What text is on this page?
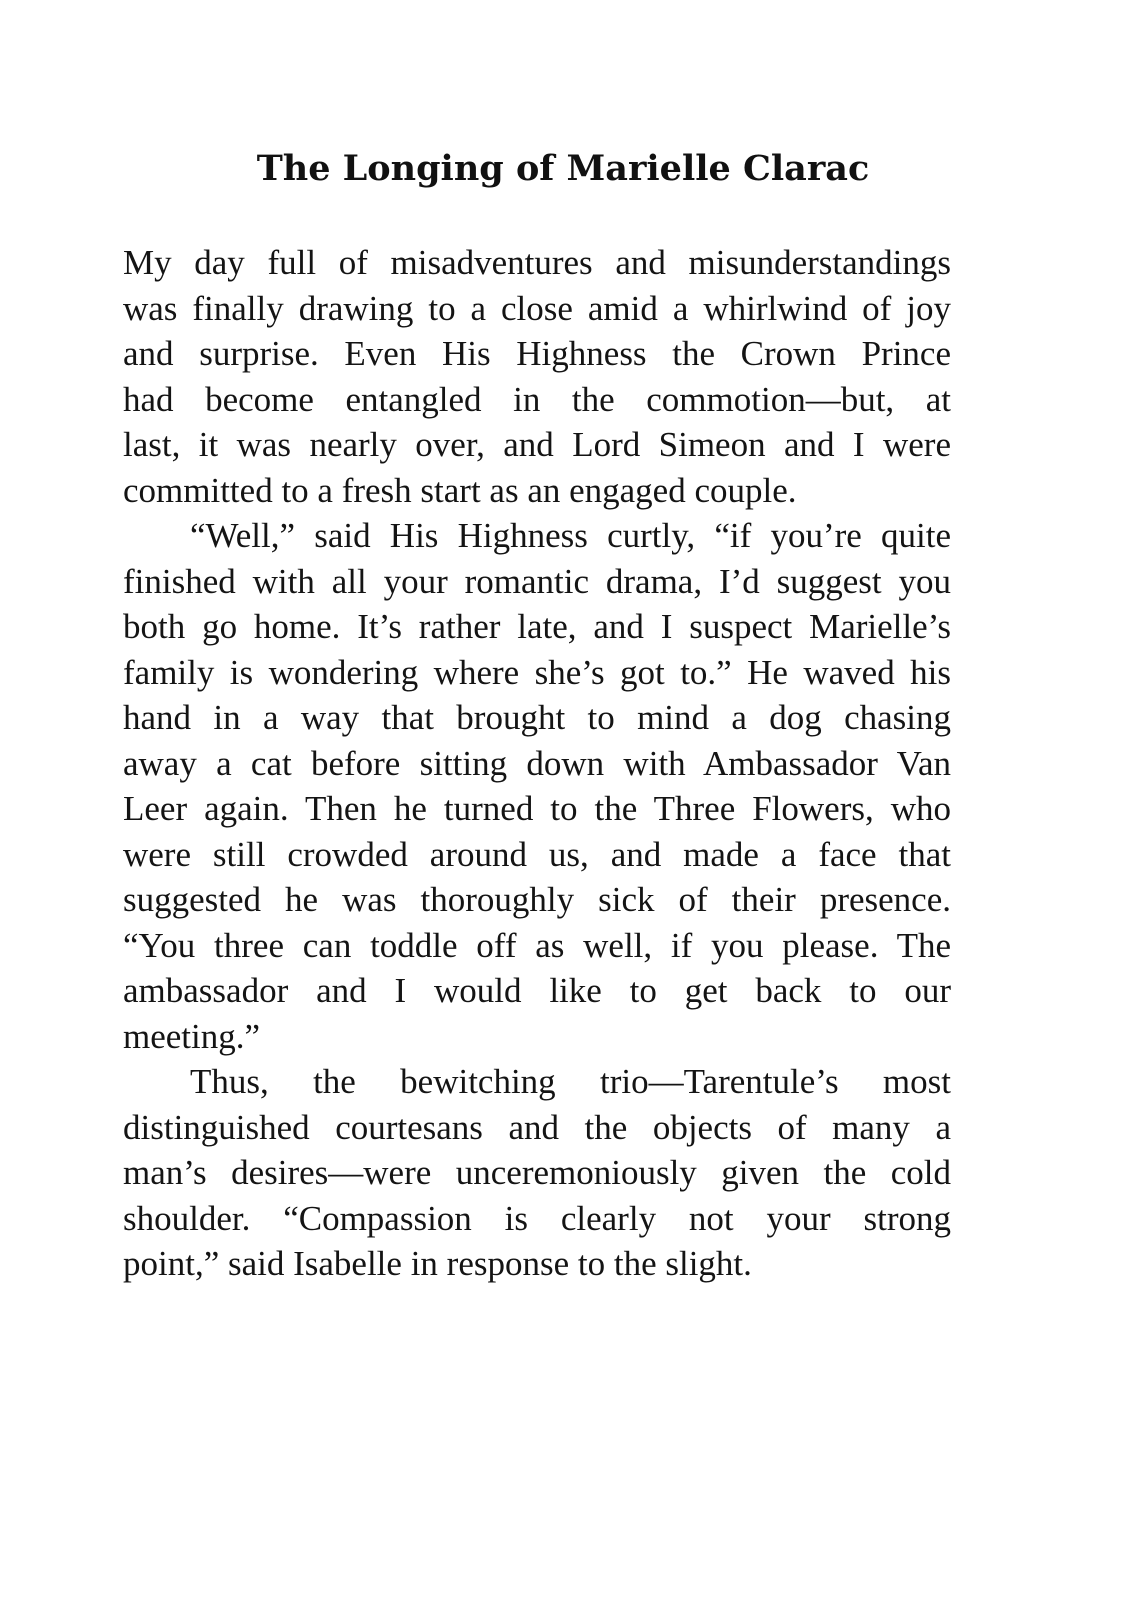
The Longing of Marielle Clarac
My day full of misadventures and misunderstandings
was finally drawing to a close amid a whirlwind of joy
and surprise. Even His Highness the Crown Prince
had become entangled in the commotion—but, at
last, it was nearly over, and Lord Simeon and I were
committed to a fresh start as an engaged couple.
“Well,” said His Highness curtly, “if you’re quite
finished with all your romantic drama, I’d suggest you
both go home. It’s rather late, and I suspect Marielle’s
family is wondering where she’s got to.” He waved his
hand in a way that brought to mind a dog chasing
away a cat before sitting down with Ambassador Van
Leer again. Then he turned to the Three Flowers, who
were still crowded around us, and made a face that
suggested he was thoroughly sick of their presence.
“You three can toddle off as well, if you please. The
ambassador and I would like to get back to our
meeting.”
Thus, the bewitching trio—Tarentule’s most
distinguished courtesans and the objects of many a
man’s desires—were unceremoniously given the cold
shoulder. “Compassion is clearly not your strong
point,” said Isabelle in response to the slight.
